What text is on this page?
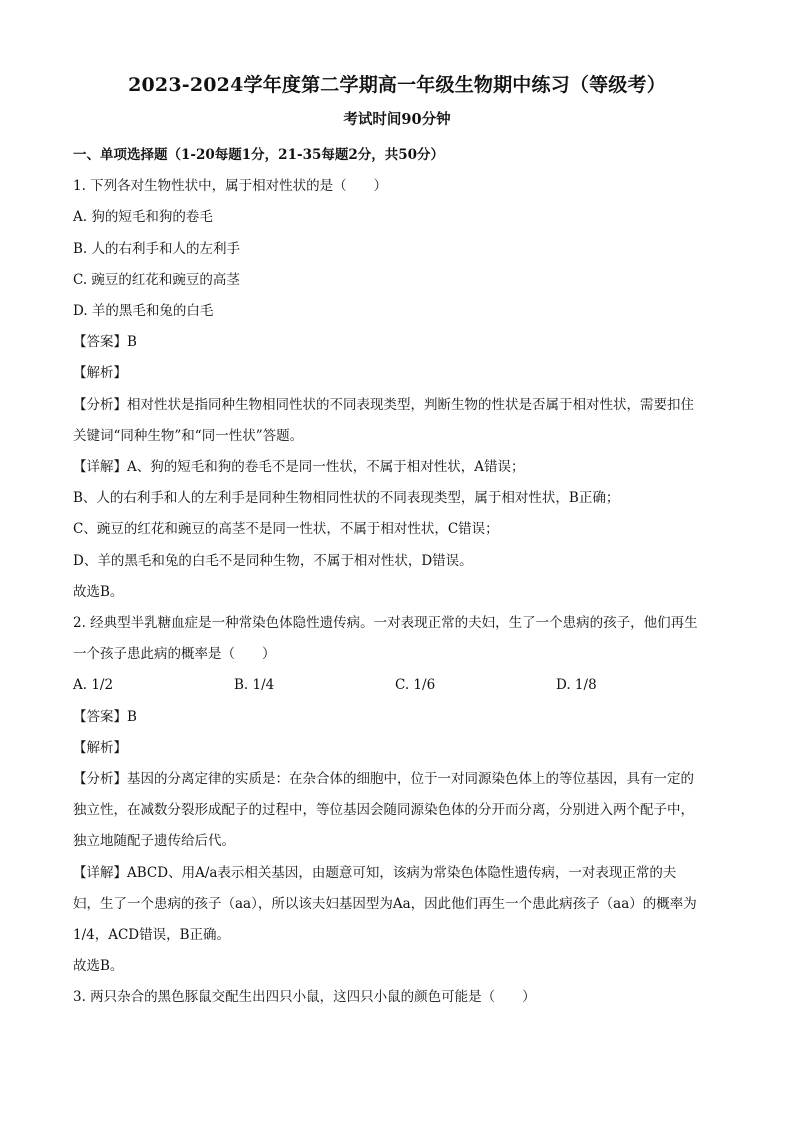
2023-2024学年度第二学期高一年级生物期中练习（等级考）
考试时间90分钟
一、单项选择题（1-20每题1分，21-35每题2分，共50分）
1. 下列各对生物性状中，属于相对性状的是（　　）
A. 狗的短毛和狗的卷毛
B. 人的右利手和人的左利手
C. 豌豆的红花和豌豆的高茎
D. 羊的黑毛和兔的白毛
【答案】B
【解析】
【分析】相对性状是指同种生物相同性状的不同表现类型，判断生物的性状是否属于相对性状，需要扣住
关键词“同种生物”和“同一性状”答题。
【详解】A、狗的短毛和狗的卷毛不是同一性状，不属于相对性状，A错误；
B、人的右利手和人的左利手是同种生物相同性状的不同表现类型，属于相对性状，B正确；
C、豌豆的红花和豌豆的高茎不是同一性状，不属于相对性状，C错误；
D、羊的黑毛和兔的白毛不是同种生物，不属于相对性状，D错误。
故选B。
2. 经典型半乳糖血症是一种常染色体隐性遗传病。一对表现正常的夫妇，生了一个患病的孩子，他们再生
一个孩子患此病的概率是（　　）
A. 1/2	B. 1/4	C. 1/6	D. 1/8
【答案】B
【解析】
【分析】基因的分离定律的实质是：在杂合体的细胞中，位于一对同源染色体上的等位基因，具有一定的
独立性，在减数分裂形成配子的过程中，等位基因会随同源染色体的分开而分离，分别进入两个配子中，
独立地随配子遗传给后代。
【详解】ABCD、用A/a表示相关基因，由题意可知，该病为常染色体隐性遗传病，一对表现正常的夫
妇，生了一个患病的孩子（aa），所以该夫妇基因型为Aa，因此他们再生一个患此病孩子（aa）的概率为
1/4，ACD错误，B正确。
故选B。
3. 两只杂合的黑色豚鼠交配生出四只小鼠，这四只小鼠的颜色可能是（　　）
